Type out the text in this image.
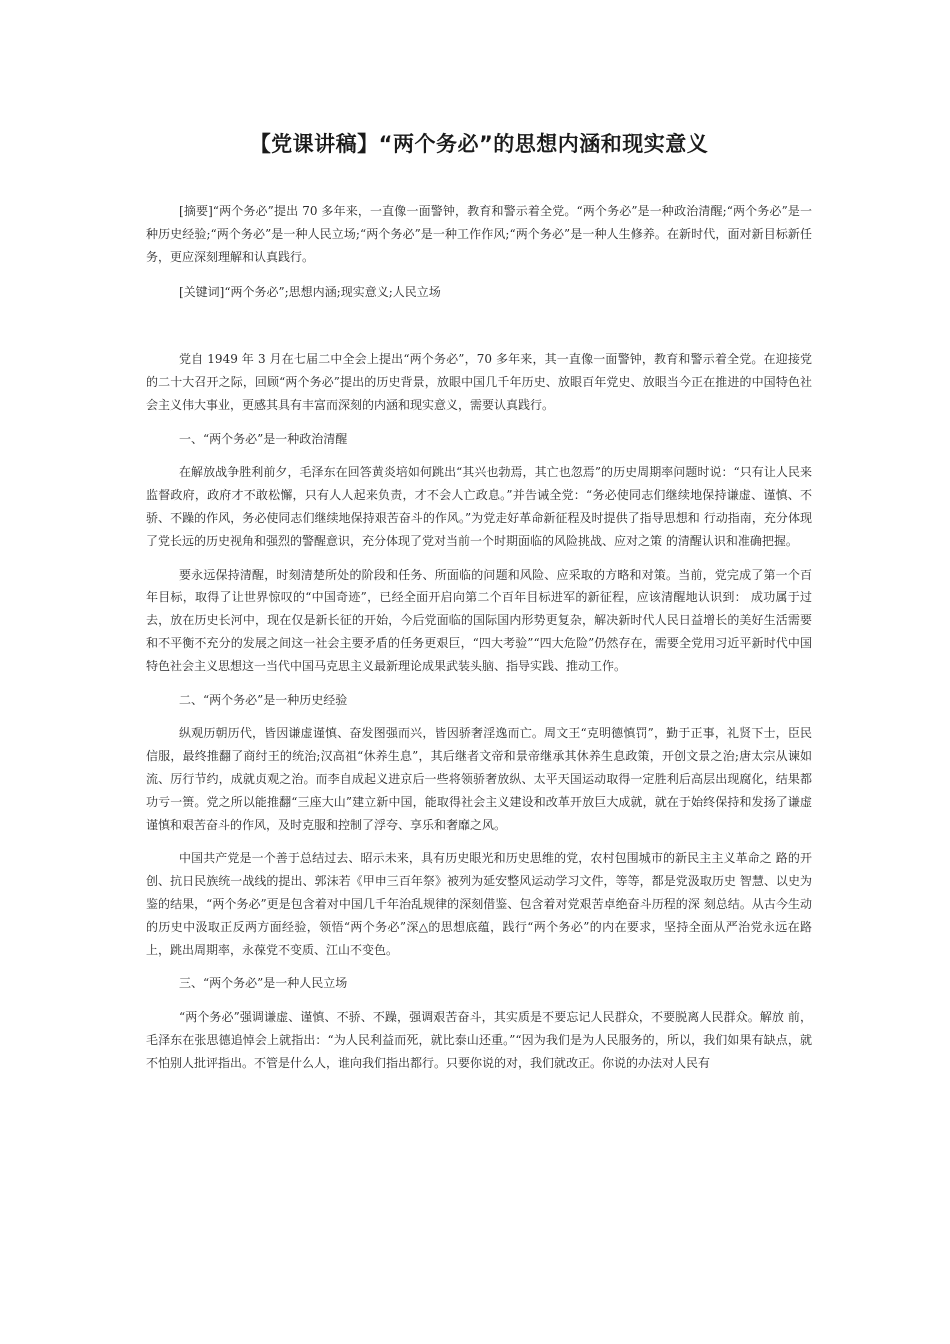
【党课讲稿】“两个务必”的思想内涵和现实意义

[摘要]“两个务必”提出 70 多年来，一直像一面警钟，教育和警示着全党。“两个务必”是一种政治清醒;“两个务必”是一种历史经验;“两个务必”是一种人民立场;“两个务必”是一种工作作风;“两个务必”是一种人生修养。在新时代，面对新目标新任务，更应深刻理解和认真践行。

[关键词]“两个务必”;思想内涵;现实意义;人民立场

党自 1949 年 3 月在七届二中全会上提出“两个务必”，70 多年来，其一直像一面警钟，教育和警示着全党。在迎接党的二十大召开之际，回顾“两个务必”提出的历史背景，放眼中国几千年历史、放眼百年党史、放眼当今正在推进的中国特色社会主义伟大事业，更感其具有丰富而深刻的内涵和现实意义，需要认真践行。

一、“两个务必”是一种政治清醒

在解放战争胜利前夕，毛泽东在回答黄炎培如何跳出“其兴也勃焉，其亡也忽焉”的历史周期率问题时说：“只有让人民来监督政府，政府才不敢松懈，只有人人起来负责，才不会人亡政息。”并告诫全党：“务必使同志们继续地保持谦虚、谨慎、不骄、不躁的作风，务必使同志们继续地保持艰苦奋斗的作风。”为党走好革命新征程及时提供了指导思想和 行动指南，充分体现了党长远的历史视角和强烈的警醒意识，充分体现了党对当前一个时期面临的风险挑战、应对之策 的清醒认识和准确把握。

要永远保持清醒，时刻清楚所处的阶段和任务、所面临的问题和风险、应采取的方略和对策。当前，党完成了第一个百年目标，取得了让世界惊叹的“中国奇迹”，已经全面开启向第二个百年目标进军的新征程，应该清醒地认识到： 成功属于过去，放在历史长河中，现在仅是新长征的开始，今后党面临的国际国内形势更复杂，解决新时代人民日益增长的美好生活需要和不平衡不充分的发展之间这一社会主要矛盾的任务更艰巨，“四大考验”“四大危险”仍然存在，需要全党用习近平新时代中国特色社会主义思想这一当代中国马克思主义最新理论成果武装头脑、指导实践、推动工作。

二、“两个务必”是一种历史经验

纵观历朝历代，皆因谦虚谨慎、奋发图强而兴，皆因骄奢淫逸而亡。周文王“克明德慎罚”，勤于正事，礼贤下士，臣民信服，最终推翻了商纣王的统治;汉高祖“休养生息”，其后继者文帝和景帝继承其休养生息政策，开创文景之治;唐太宗从谏如流、厉行节约，成就贞观之治。而李自成起义进京后一些将领骄奢放纵、太平天国运动取得一定胜利后高层出现腐化，结果都功亏一篑。党之所以能推翻“三座大山”建立新中国，能取得社会主义建设和改革开放巨大成就，就在于始终保持和发扬了谦虚谨慎和艰苦奋斗的作风，及时克服和控制了浮夸、享乐和奢靡之风。

中国共产党是一个善于总结过去、昭示未来，具有历史眼光和历史思维的党，农村包围城市的新民主主义革命之 路的开创、抗日民族统一战线的提出、郭沫若《甲申三百年祭》被列为延安整风运动学习文件，等等，都是党汲取历史 智慧、以史为鉴的结果，“两个务必”更是包含着对中国几千年治乱规律的深刻借鉴、包含着对党艰苦卓绝奋斗历程的深 刻总结。从古今生动的历史中汲取正反两方面经验，领悟“两个务必”深△的思想底蕴，践行“两个务必”的内在要求，坚持全面从严治党永远在路上，跳出周期率，永葆党不变质、江山不变色。

三、“两个务必”是一种人民立场

“两个务必”强调谦虚、谨慎、不骄、不躁，强调艰苦奋斗，其实质是不要忘记人民群众，不要脱离人民群众。解放 前，毛泽东在张思德追悼会上就指出：“为人民利益而死，就比泰山还重。”“因为我们是为人民服务的，所以，我们如果有缺点，就不怕别人批评指出。不管是什么人，谁向我们指出都行。只要你说的对，我们就改正。你说的办法对人民有
